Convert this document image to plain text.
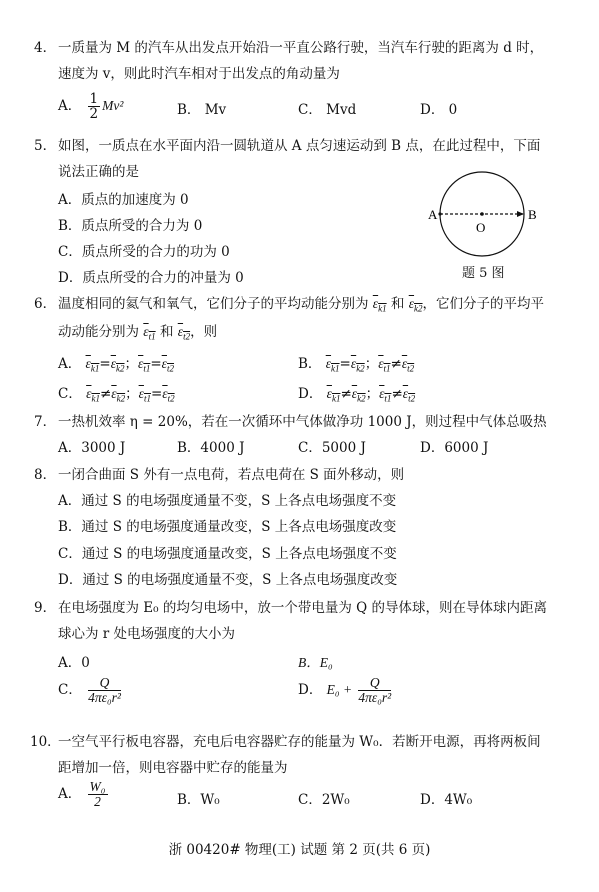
4． 一质量为 M 的汽车从出发点开始沿一平直公路行驶，当汽车行驶的距离为 d 时，
速度为 v，则此时汽车相对于出发点的角动量为
A． $\frac{1}{2} Mv^2$	B． Mv	C． Mvd	D． 0
5． 如图，一质点在水平面内沿一圆轨道从 A 点匀速运动到 B 点，在此过程中，下面
说法正确的是
A．质点的加速度为 0
B．质点所受的合力为 0
C．质点所受的合力的功为 0
D．质点所受的合力的冲量为 0
A	B
O
题 5 图
6． 温度相同的氦气和氧气，它们分子的平均动能分别为 $\varepsilon_{k1}$ 和 $\varepsilon_{k2}$，它们分子的平均平
动动能分别为 $\varepsilon_{t1}$ 和 $\varepsilon_{t2}$，则
A． $\varepsilon_{k1}=\varepsilon_{k2}$；$\varepsilon_{t1}=\varepsilon_{t2}$	B． $\varepsilon_{k1}=\varepsilon_{k2}$；$\varepsilon_{t1}\ne\varepsilon_{t2}$
C． $\varepsilon_{k1}\ne\varepsilon_{k2}$；$\varepsilon_{t1}=\varepsilon_{t2}$	D． $\varepsilon_{k1}\ne\varepsilon_{k2}$；$\varepsilon_{t1}\ne\varepsilon_{t2}$
7． 一热机效率 η = 20%，若在一次循环中气体做净功 1000 J，则过程中气体总吸热
A．3000 J	B．4000 J	C．5000 J	D．6000 J
8． 一闭合曲面 S 外有一点电荷，若点电荷在 S 面外移动，则
A．通过 S 的电场强度通量不变，S 上各点电场强度不变
B．通过 S 的电场强度通量改变，S 上各点电场强度改变
C．通过 S 的电场强度通量改变，S 上各点电场强度不变
D．通过 S 的电场强度通量不变，S 上各点电场强度改变
9． 在电场强度为 E₀ 的均匀电场中，放一个带电量为 Q 的导体球，则在导体球内距离
球心为 r 处电场强度的大小为
A．0	B．E₀
C． $\frac{Q}{\text{4πε₀r²}}$	D． $E_0 + \frac{Q}{\text{4πε₀r²}}$
10．
一空气平行板电容器，充电后电容器贮存的能量为 W₀．若断开电源，再将两板间
距增加一倍，则电容器中贮存的能量为
A． $\frac{\text{W₀}}{2}$	B．W₀	C．2W₀	D．4W₀
浙 00420# 物理(工) 试题 第 2 页(共 6 页)
